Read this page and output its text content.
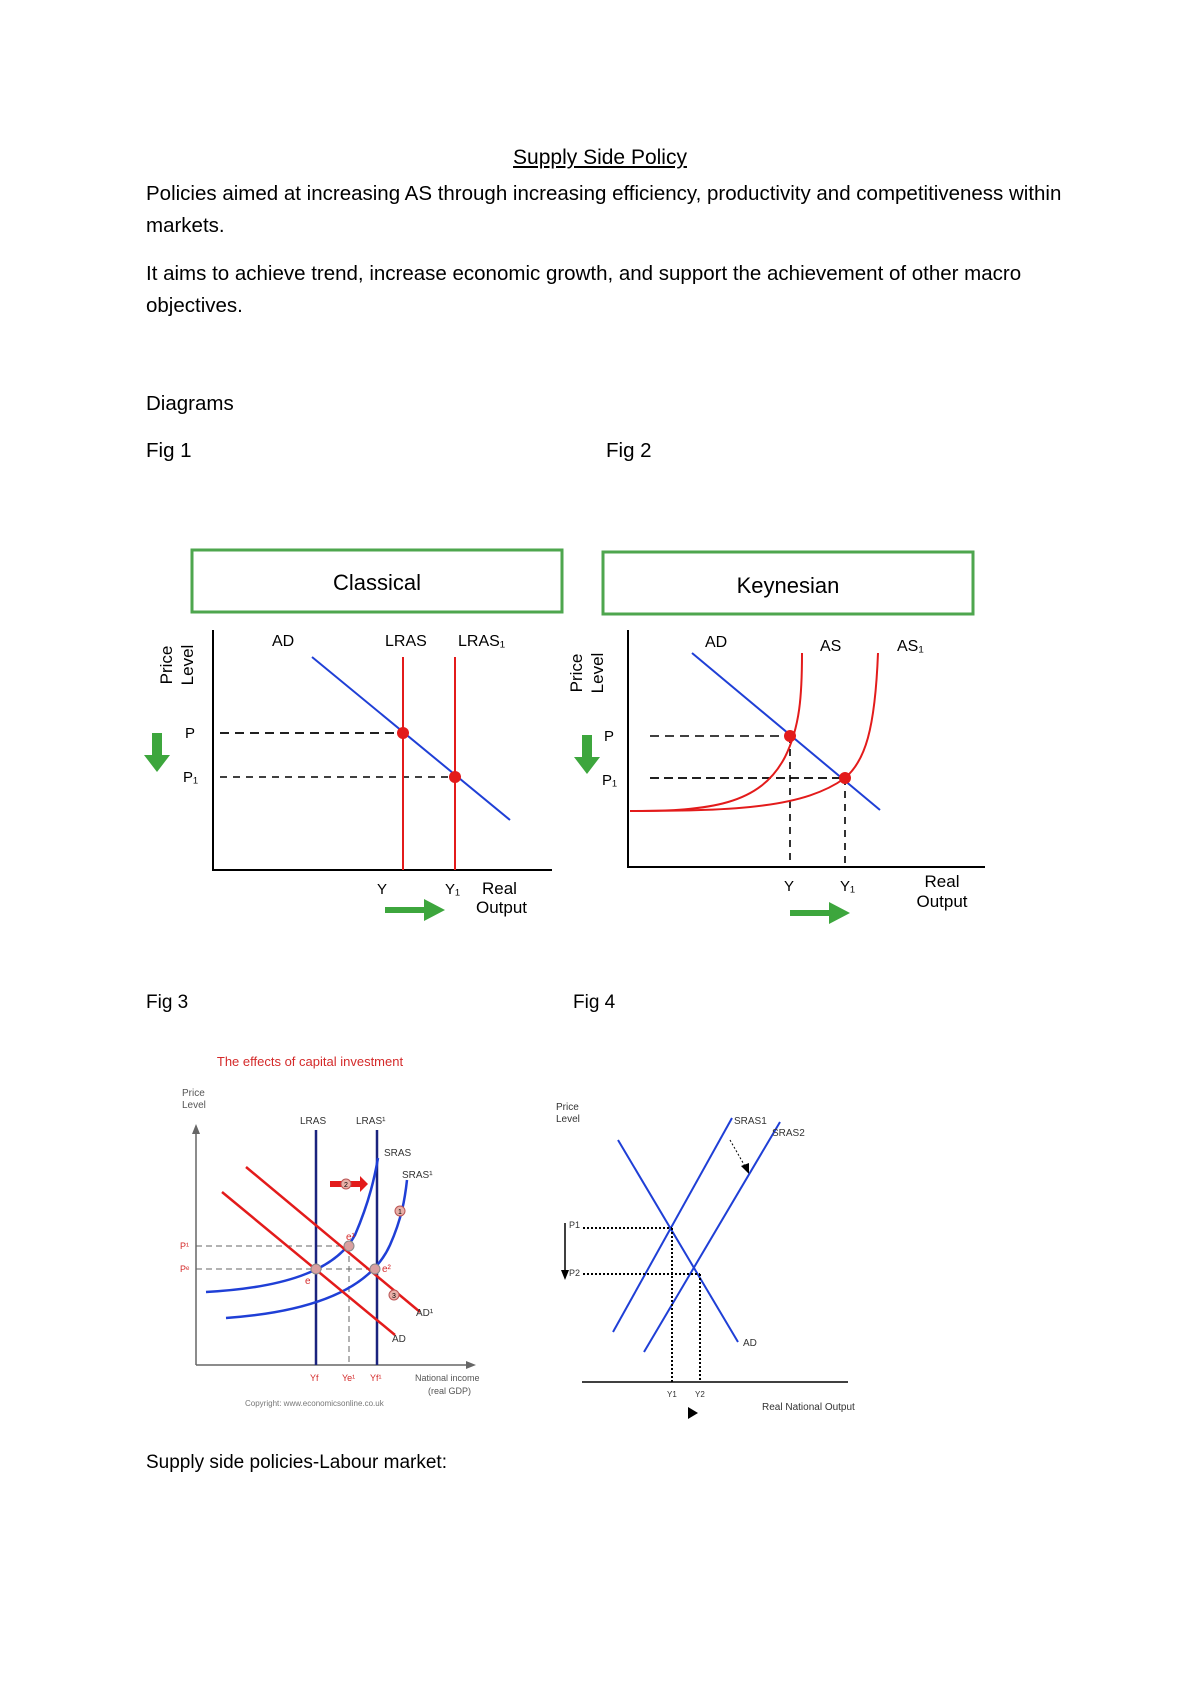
Supply Side Policy

Policies aimed at increasing AS through increasing efficiency, productivity and competitiveness within markets.

It aims to achieve trend, increase economic growth, and support the achievement of other macro objectives.

Diagrams
Fig 1	Fig 2
Classical
Price Level
AD	LRAS LRAS₁
P
P₁
Y	Y₁ Real
Output
Keynesian
Price Level
AD	AS	AS₁
P
P₁
Y	Y₁	Real
Output
Fig 3	Fig 4
The effects of capital investment
Price
Level
2
1
3
e
e¹
e²
LRAS	LRAS¹
SRAS
SRAS¹
AD¹
AD
P¹
Pᵉ
Yf	Ye¹ Yf¹	National income
(real GDP)
Copyright: www.economicsonline.co.uk
Price
Level	SRAS1
SRAS2
AD
P1
P2
Y1 Y2
Real National Output
Supply side policies-Labour market:
